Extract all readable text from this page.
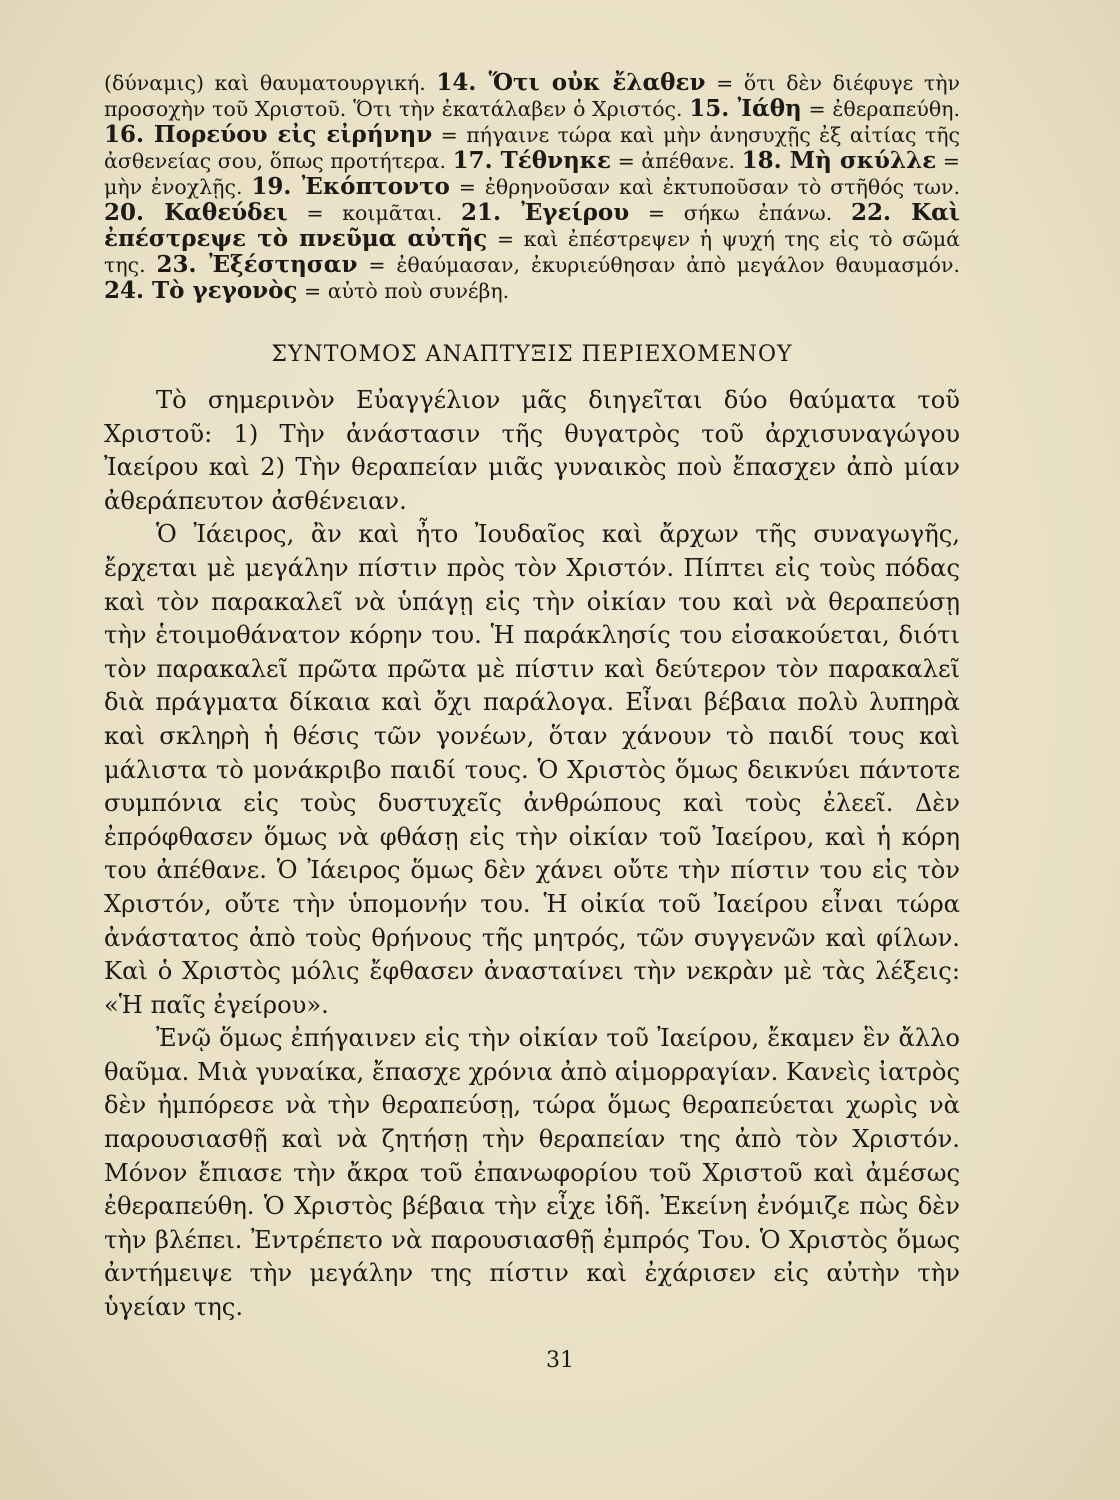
(δύναμις) καὶ θαυματουργική. 14. Ὅτι οὐκ ἔλαθεν = ὅτι δὲν διέφυγε τὴν προσοχὴν τοῦ Χριστοῦ. Ὅτι τὴν ἐκατάλαβεν ὁ Χριστός. 15. Ἰάθη = ἐθεραπεύθη. 16. Πορεύου εἰς εἰρήνην = πήγαινε τώρα καὶ μὴν ἀνησυχῇς ἐξ αἰτίας τῆς ἀσθενείας σου, ὅπως προτήτερα. 17. Τέθνηκε = ἀπέθανε. 18. Μὴ σκύλλε = μὴν ἐνοχλῇς. 19. Ἐκόπτοντο = ἐθρηνοῦσαν καὶ ἐκτυποῦσαν τὸ στῆθός των. 20. Καθεύδει = κοιμᾶται. 21. Ἐγείρου = σήκω ἐπάνω. 22. Καὶ ἐπέστρεψε τὸ πνεῦμα αὐτῆς = καὶ ἐπέστρεψεν ἡ ψυχή της εἰς τὸ σῶμά της. 23. Ἐξέστησαν = ἐθαύμασαν, ἐκυριεύθησαν ἀπὸ μεγάλον θαυμασμόν. 24. Τὸ γεγονὸς = αὐτὸ ποὺ συνέβη.

ΣΥΝΤΟΜΟΣ ΑΝΑΠΤΥΞΙΣ ΠΕΡΙΕΧΟΜΕΝΟΥ

Τὸ σημερινὸν Εὐαγγέλιον μᾶς διηγεῖται δύο θαύματα τοῦ Χριστοῦ: 1) Τὴν ἀνάστασιν τῆς θυγατρὸς τοῦ ἀρχισυναγώγου Ἰαείρου καὶ 2) Τὴν θεραπείαν μιᾶς γυναικὸς ποὺ ἔπασχεν ἀπὸ μίαν ἀθεράπευτον ἀσθένειαν.

Ὁ Ἰάειρος, ἂν καὶ ἦτο Ἰουδαῖος καὶ ἄρχων τῆς συναγωγῆς, ἔρχεται μὲ μεγάλην πίστιν πρὸς τὸν Χριστόν. Πίπτει εἰς τοὺς πόδας καὶ τὸν παρακαλεῖ νὰ ὑπάγῃ εἰς τὴν οἰκίαν του καὶ νὰ θεραπεύσῃ τὴν ἑτοιμοθάνατον κόρην του. Ἡ παράκλησίς του εἰσακούεται, διότι τὸν παρακαλεῖ πρῶτα πρῶτα μὲ πίστιν καὶ δεύτερον τὸν παρακαλεῖ διὰ πράγματα δίκαια καὶ ὄχι παράλογα. Εἶναι βέβαια πολὺ λυπηρὰ καὶ σκληρὴ ἡ θέσις τῶν γονέων, ὅταν χάνουν τὸ παιδί τους καὶ μάλιστα τὸ μονάκριβο παιδί τους. Ὁ Χριστὸς ὅμως δεικνύει πάντοτε συμπόνια εἰς τοὺς δυστυχεῖς ἀνθρώπους καὶ τοὺς ἐλεεῖ. Δὲν ἐπρόφθασεν ὅμως νὰ φθάσῃ εἰς τὴν οἰκίαν τοῦ Ἰαείρου, καὶ ἡ κόρη του ἀπέθανε. Ὁ Ἰάειρος ὅμως δὲν χάνει οὔτε τὴν πίστιν του εἰς τὸν Χριστόν, οὔτε τὴν ὑπομονήν του. Ἡ οἰκία τοῦ Ἰαείρου εἶναι τώρα ἀνάστατος ἀπὸ τοὺς θρήνους τῆς μητρός, τῶν συγγενῶν καὶ φίλων. Καὶ ὁ Χριστὸς μόλις ἔφθασεν ἀνασταίνει τὴν νεκρὰν μὲ τὰς λέξεις: «Ἡ παῖς ἐγείρου».

Ἐνῷ ὅμως ἐπήγαινεν εἰς τὴν οἰκίαν τοῦ Ἰαείρου, ἔκαμεν ἓν ἄλλο θαῦμα. Μιὰ γυναίκα, ἔπασχε χρόνια ἀπὸ αἱμορραγίαν. Κανεὶς ἰατρὸς δὲν ἠμπόρεσε νὰ τὴν θεραπεύσῃ, τώρα ὅμως θεραπεύεται χωρὶς νὰ παρουσιασθῇ καὶ νὰ ζητήσῃ τὴν θεραπείαν της ἀπὸ τὸν Χριστόν. Μόνον ἔπιασε τὴν ἄκρα τοῦ ἐπανωφορίου τοῦ Χριστοῦ καὶ ἀμέσως ἐθεραπεύθη. Ὁ Χριστὸς βέβαια τὴν εἶχε ἰδῆ. Ἐκείνη ἐνόμιζε πὼς δὲν τὴν βλέπει. Ἐντρέπετο νὰ παρουσιασθῇ ἐμπρός Του. Ὁ Χριστὸς ὅμως ἀντήμειψε τὴν μεγάλην της πίστιν καὶ ἐχάρισεν εἰς αὐτὴν τὴν ὑγείαν της.

31
